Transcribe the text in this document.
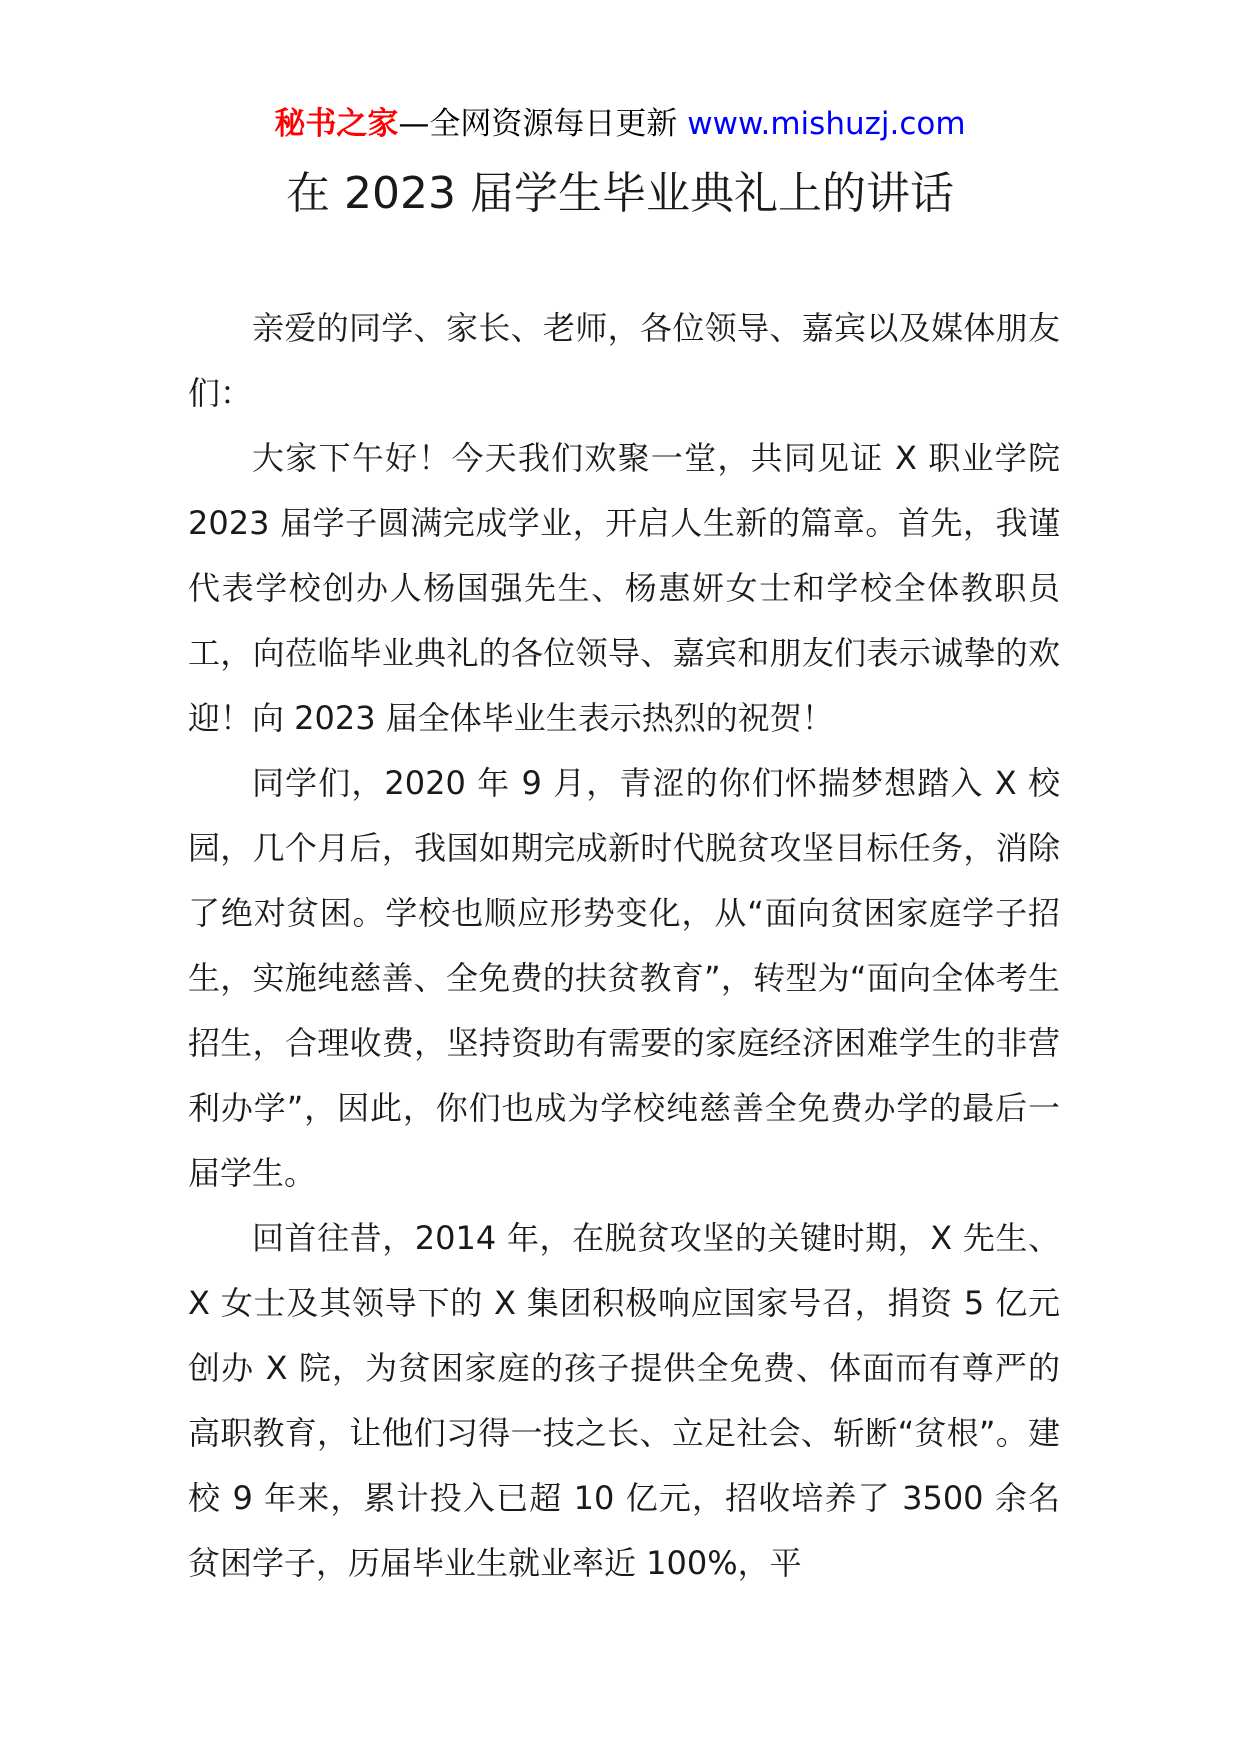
秘书之家—全网资源每日更新 www.mishuzj.com
在 2023 届学生毕业典礼上的讲话

亲爱的同学、家长、老师，各位领导、嘉宾以及媒体朋友们：

大家下午好！今天我们欢聚一堂，共同见证 X 职业学院 2023 届学子圆满完成学业，开启人生新的篇章。首先，我谨代表学校创办人杨国强先生、杨惠妍女士和学校全体教职员工，向莅临毕业典礼的各位领导、嘉宾和朋友们表示诚挚的欢迎！向 2023 届全体毕业生表示热烈的祝贺！

同学们，2020 年 9 月，青涩的你们怀揣梦想踏入 X 校园，几个月后，我国如期完成新时代脱贫攻坚目标任务，消除了绝对贫困。学校也顺应形势变化，从“面向贫困家庭学子招生，实施纯慈善、全免费的扶贫教育”，转型为“面向全体考生招生，合理收费，坚持资助有需要的家庭经济困难学生的非营利办学”，因此，你们也成为学校纯慈善全免费办学的最后一届学生。

回首往昔，2014 年，在脱贫攻坚的关键时期，X 先生、X 女士及其领导下的 X 集团积极响应国家号召，捐资 5 亿元创办 X 院，为贫困家庭的孩子提供全免费、体面而有尊严的高职教育，让他们习得一技之长、立足社会、斩断“贫根”。建校 9 年来，累计投入已超 10 亿元，招收培养了 3500 余名贫困学子，历届毕业生就业率近 100%，平
